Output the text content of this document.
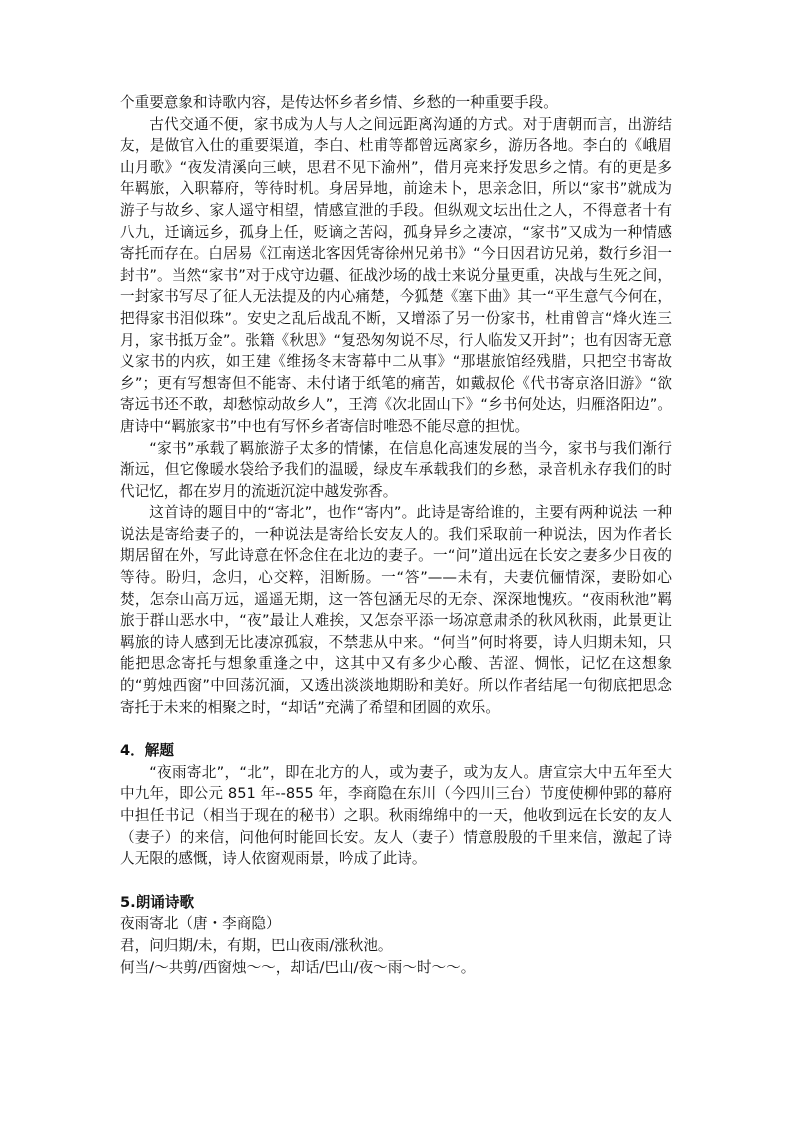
个重要意象和诗歌内容，是传达怀乡者乡情、乡愁的一种重要手段。

古代交通不便，家书成为人与人之间远距离沟通的方式。对于唐朝而言，出游结友，是做官入仕的重要渠道，李白、杜甫等都曾远离家乡，游历各地。李白的《峨眉山月歌》“夜发清溪向三峡，思君不见下渝州”，借月亮来抒发思乡之情。有的更是多年羁旅，入职幕府，等待时机。身居异地，前途未卜，思亲念旧，所以“家书”就成为游子与故乡、家人遥守相望，情感宣泄的手段。但纵观文坛出仕之人，不得意者十有八九，迁谪远乡，孤身上任，贬谪之苦闷，孤身异乡之凄凉，“家书”又成为一种情感寄托而存在。白居易《江南送北客因凭寄徐州兄弟书》“今日因君访兄弟，数行乡泪一封书”。当然“家书”对于戍守边疆、征战沙场的战士来说分量更重，决战与生死之间，一封家书写尽了征人无法提及的内心痛楚，今狐楚《塞下曲》其一“平生意气今何在，把得家书泪似珠”。安史之乱后战乱不断，又增添了另一份家书，杜甫曾言“烽火连三月，家书抵万金”。张籍《秋思》“复恐匆匆说不尽，行人临发又开封”；也有因寄无意义家书的内疚，如王建《维扬冬末寄幕中二从事》“那堪旅馆经残腊，只把空书寄故乡”；更有写想寄但不能寄、未付诸于纸笔的痛苦，如戴叔伦《代书寄京洛旧游》“欲寄远书还不敢，却愁惊动故乡人”，王湾《次北固山下》“乡书何处达，归雁洛阳边”。唐诗中“羁旅家书”中也有写怀乡者寄信时唯恐不能尽意的担忧。

“家书”承载了羁旅游子太多的情愫，在信息化高速发展的当今，家书与我们渐行渐远，但它像暖水袋给予我们的温暖，绿皮车承载我们的乡愁，录音机永存我们的时代记忆，都在岁月的流逝沉淀中越发弥香。

这首诗的题目中的“寄北”，也作“寄内”。此诗是寄给谁的，主要有两种说法 一种说法是寄给妻子的，一种说法是寄给长安友人的。我们采取前一种说法，因为作者长期居留在外，写此诗意在怀念住在北边的妻子。一“问”道出远在长安之妻多少日夜的等待。盼归，念归，心交粹，泪断肠。一“答”——未有，夫妻伉俪情深，妻盼如心焚，怎奈山高万远，遥遥无期，这一答包涵无尽的无奈、深深地愧疚。“夜雨秋池”羁旅于群山恶水中，“夜”最让人难挨，又怎奈平添一场凉意肃杀的秋风秋雨，此景更让羁旅的诗人感到无比凄凉孤寂，不禁悲从中来。“何当”何时将要，诗人归期未知，只能把思念寄托与想象重逢之中，这其中又有多少心酸、苦涩、惆怅，记忆在这想象的“剪烛西窗”中回荡沉湎，又透出淡淡地期盼和美好。所以作者结尾一句彻底把思念寄托于未来的相聚之时，“却话”充满了希望和团圆的欢乐。

4．解题

“夜雨寄北”，“北”，即在北方的人，或为妻子，或为友人。唐宣宗大中五年至大中九年，即公元 851 年--855 年，李商隐在东川（今四川三台）节度使柳仲郢的幕府中担任书记（相当于现在的秘书）之职。秋雨绵绵中的一天，他收到远在长安的友人（妻子）的来信，问他何时能回长安。友人（妻子）情意殷殷的千里来信，激起了诗人无限的感慨，诗人依窗观雨景，吟成了此诗。

5.朗诵诗歌

夜雨寄北（唐・李商隐）

君，问归期/未，有期，巴山夜雨/涨秋池。

何当/～共剪/西窗烛～～，却话/巴山/夜～雨～时～～。
